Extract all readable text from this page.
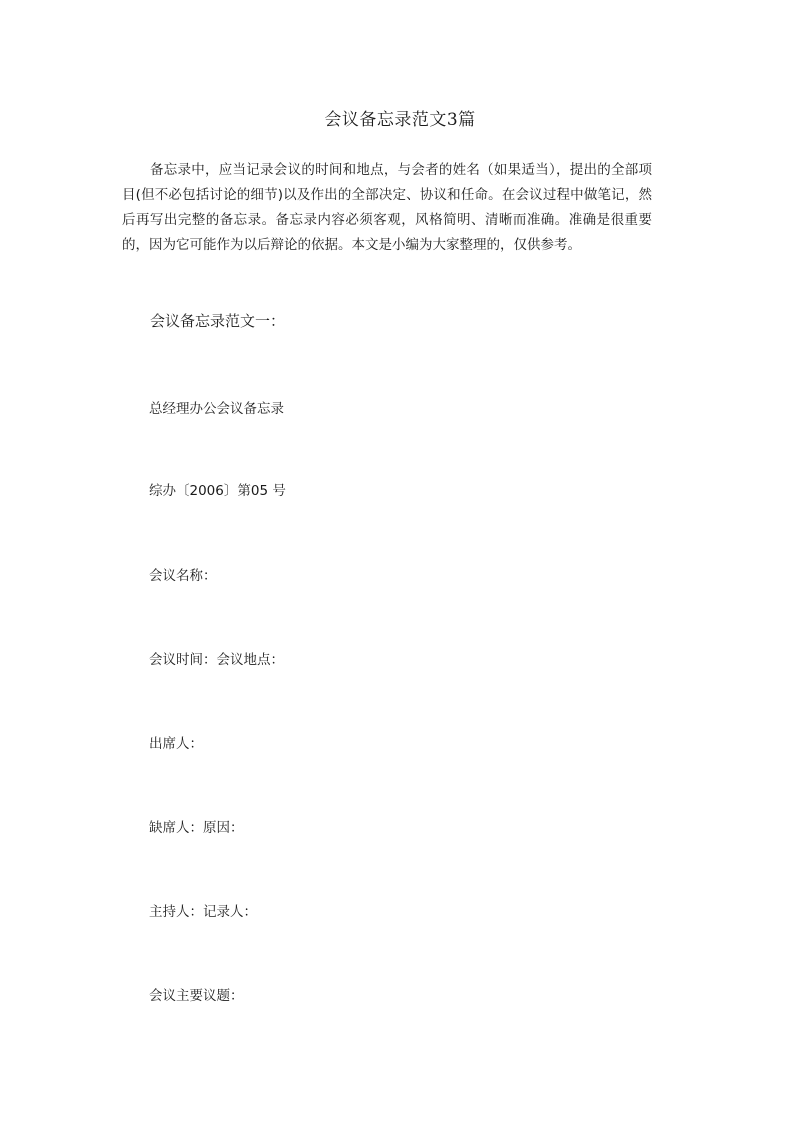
会议备忘录范文3篇

备忘录中，应当记录会议的时间和地点，与会者的姓名（如果适当），提出的全部项目(但不必包括讨论的细节)以及作出的全部决定、协议和任命。在会议过程中做笔记，然后再写出完整的备忘录。备忘录内容必须客观，风格简明、清晰而准确。准确是很重要的，因为它可能作为以后辩论的依据。本文是小编为大家整理的，仅供参考。

会议备忘录范文一：
总经理办公会议备忘录
综办〔2006〕第05 号
会议名称：
会议时间：会议地点：
出席人：
缺席人：原因：
主持人：记录人：
会议主要议题：
